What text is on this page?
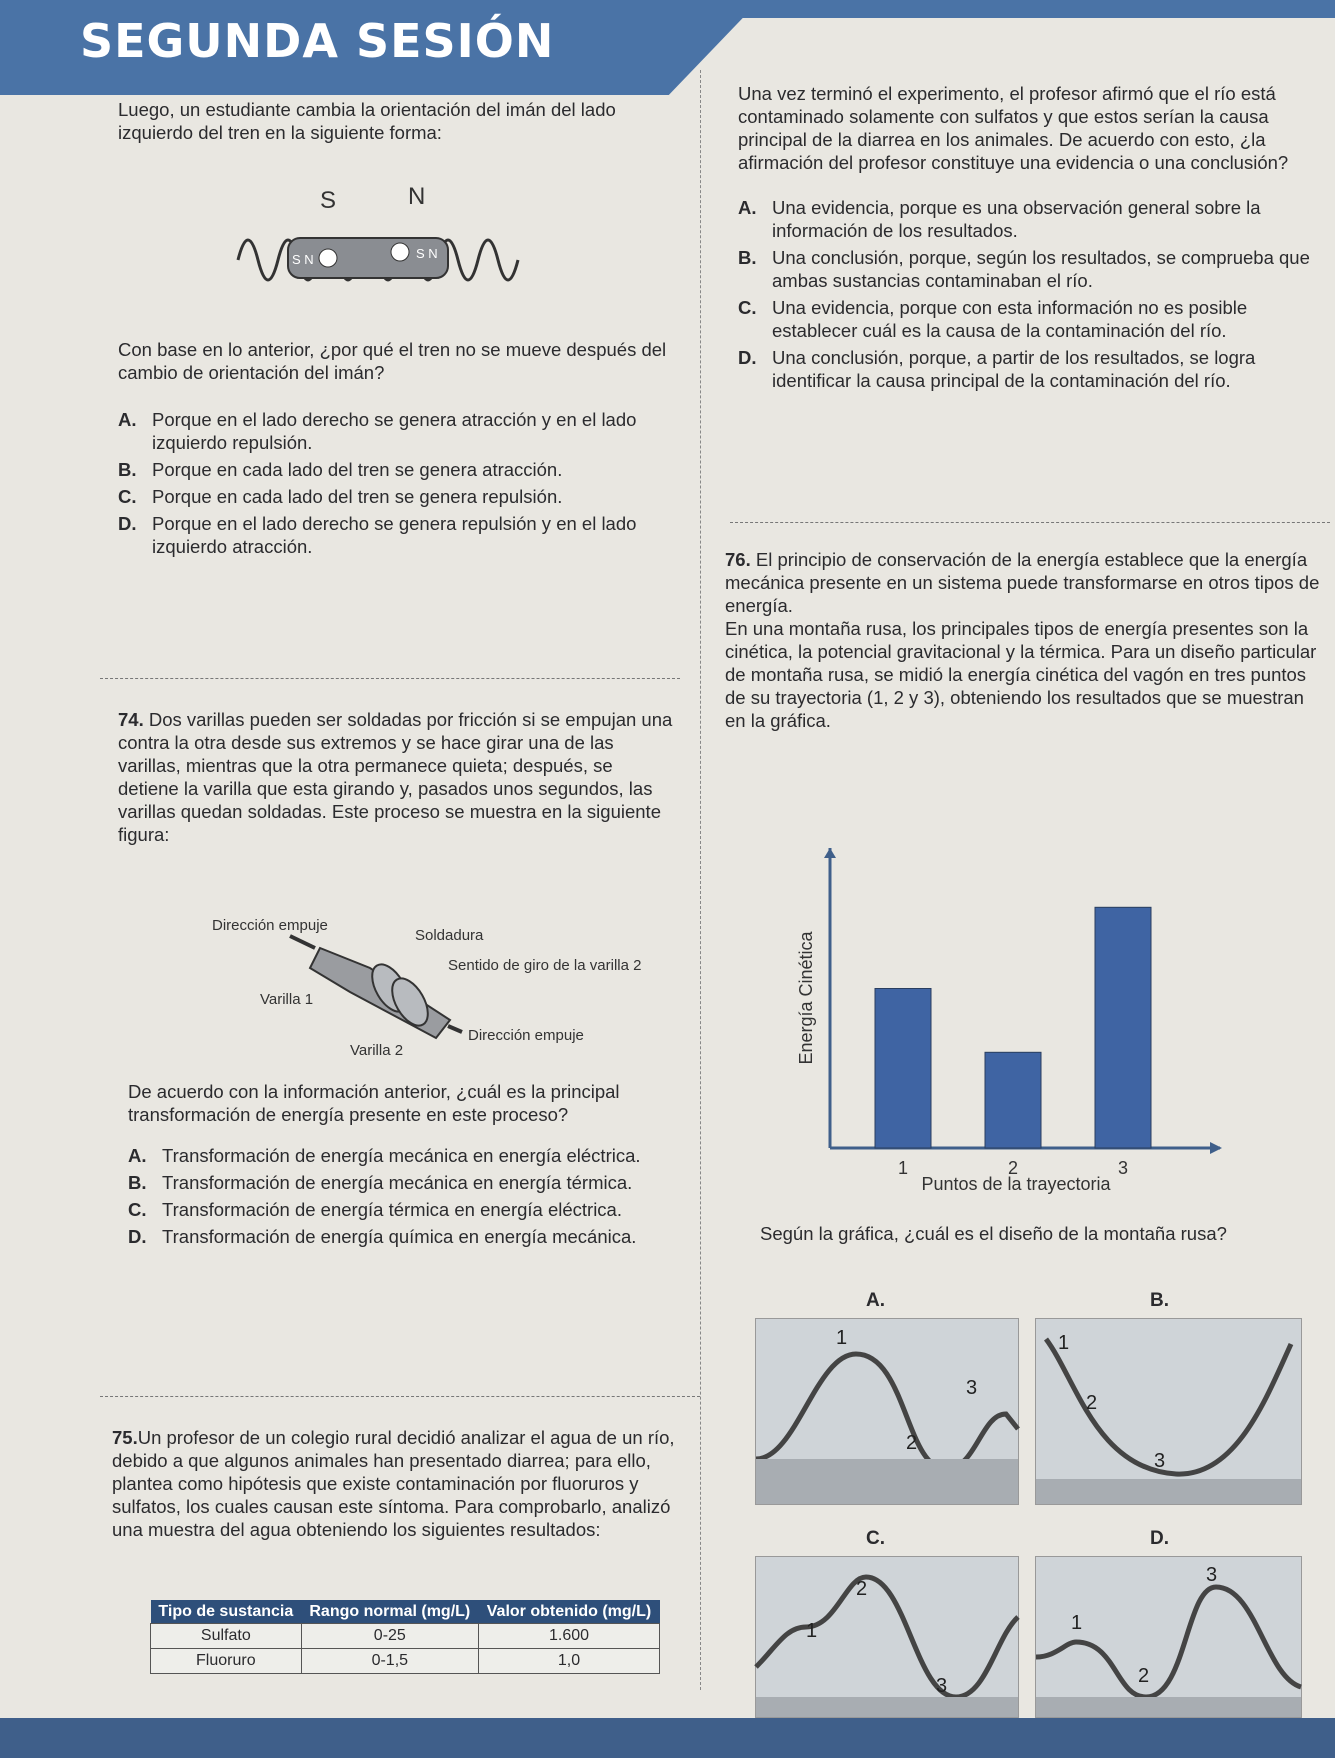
SEGUNDA SESIÓN

Luego, un estudiante cambia la orientación del imán del lado izquierdo del tren en la siguiente forma:

S	N
S N	S N

Con base en lo anterior, ¿por qué el tren no se mueve después del cambio de orientación del imán?

A. Porque en el lado derecho se genera atracción y en el lado izquierdo repulsión.
B. Porque en cada lado del tren se genera atracción.
C. Porque en cada lado del tren se genera repulsión.
D. Porque en el lado derecho se genera repulsión y en el lado izquierdo atracción.

74. Dos varillas pueden ser soldadas por fricción si se empujan una contra la otra desde sus extremos y se hace girar una de las varillas, mientras que la otra permanece quieta; después, se detiene la varilla que esta girando y, pasados unos segundos, las varillas quedan soldadas. Este proceso se muestra en la siguiente figura:

Dirección empuje
Soldadura
Sentido de giro de la varilla 2
Varilla 1
Varilla 2
Dirección empuje

De acuerdo con la información anterior, ¿cuál es la principal transformación de energía presente en este proceso?

A. Transformación de energía mecánica en energía eléctrica.
B. Transformación de energía mecánica en energía térmica.
C. Transformación de energía térmica en energía eléctrica.
D. Transformación de energía química en energía mecánica.

75.Un profesor de un colegio rural decidió analizar el agua de un río, debido a que algunos animales han presentado diarrea; para ello, plantea como hipótesis que existe contaminación por fluoruros y sulfatos, los cuales causan este síntoma. Para comprobarlo, analizó una muestra del agua obteniendo los siguientes resultados:

Tipo de sustancia	Rango normal (mg/L)	Valor obtenido (mg/L)
Sulfato	0-25	1.600
Fluoruro	0-1,5	1,0

Una vez terminó el experimento, el profesor afirmó que el río está contaminado solamente con sulfatos y que estos serían la causa principal de la diarrea en los animales. De acuerdo con esto, ¿la afirmación del profesor constituye una evidencia o una conclusión?

A. Una evidencia, porque es una observación general sobre la información de los resultados.
B. Una conclusión, porque, según los resultados, se comprueba que ambas sustancias contaminaban el río.
C. Una evidencia, porque con esta información no es posible establecer cuál es la causa de la contaminación del río.
D. Una conclusión, porque, a partir de los resultados, se logra identificar la causa principal de la contaminación del río.

76. El principio de conservación de la energía establece que la energía mecánica presente en un sistema puede transformarse en otros tipos de energía.

En una montaña rusa, los principales tipos de energía presentes son la cinética, la potencial gravitacional y la térmica. Para un diseño particular de montaña rusa, se midió la energía cinética del vagón en tres puntos de su trayectoria (1, 2 y 3), obteniendo los resultados que se muestran en la gráfica.

Energía Cinética
1	2	3
Puntos de la trayectoria

Según la gráfica, ¿cuál es el diseño de la montaña rusa?

A.	B.
C.	D.
1
3
2
1
2
3
2
1
3
3
1
2
